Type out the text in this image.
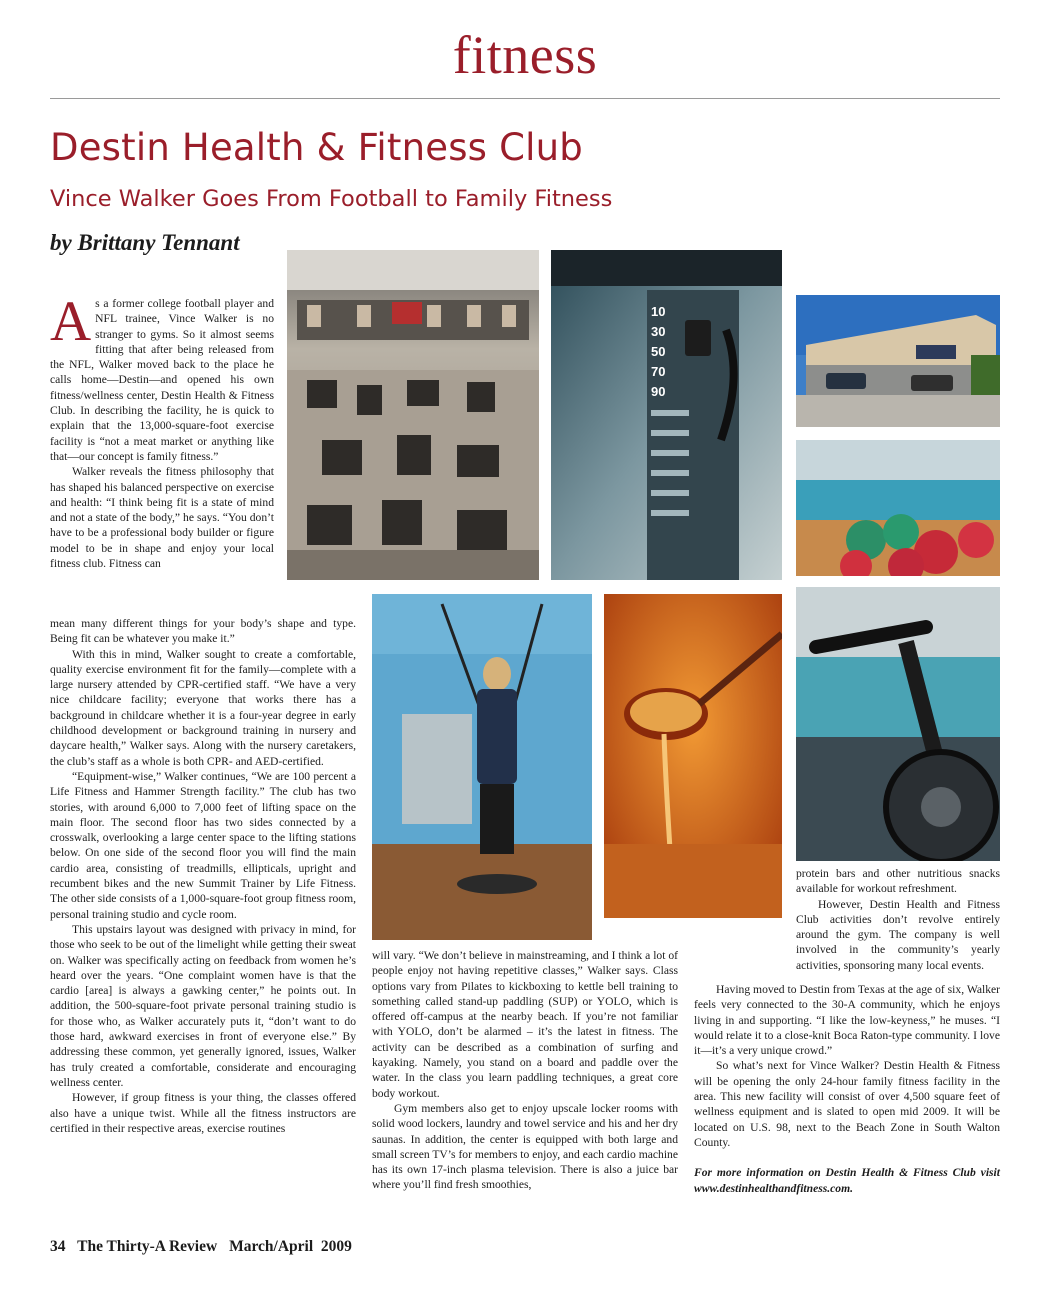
fitness
Destin Health & Fitness Club
Vince Walker Goes From Football to Family Fitness
by Brittany Tennant

As a former college football player and NFL trainee, Vince Walker is no stranger to gyms. So it almost seems fitting that after being released from the NFL, Walker moved back to the place he calls home—Destin—and opened his own fitness/wellness center, Destin Health & Fitness Club. In describing the facility, he is quick to explain that the 13,000-square-foot exercise facility is “not a meat market or anything like that—our concept is family fitness.”

Walker reveals the fitness philosophy that has shaped his balanced perspective on exercise and health: “I think being fit is a state of mind and not a state of the body,” he says. “You don’t have to be a professional body builder or figure model to be in shape and enjoy your local fitness club. Fitness can

mean many different things for your body’s shape and type. Being fit can be whatever you make it.”

With this in mind, Walker sought to create a comfortable, quality exercise environment fit for the family—complete with a large nursery attended by CPR-certified staff. “We have a very nice childcare facility; everyone that works there has a background in childcare whether it is a four-year degree in early childhood development or background training in nursery and daycare health,” Walker says. Along with the nursery caretakers, the club’s staff as a whole is both CPR- and AED-certified.

“Equipment-wise,” Walker continues, “We are 100 percent a Life Fitness and Hammer Strength facility.” The club has two stories, with around 6,000 to 7,000 feet of lifting space on the main floor. The second floor has two sides connected by a crosswalk, overlooking a large center space to the lifting stations below. On one side of the second floor you will find the main cardio area, consisting of treadmills, ellipticals, upright and recumbent bikes and the new Summit Trainer by Life Fitness. The other side consists of a 1,000-square-foot group fitness room, personal training studio and cycle room.

This upstairs layout was designed with privacy in mind, for those who seek to be out of the limelight while getting their sweat on. Walker was specifically acting on feedback from women he’s heard over the years. “One complaint women have is that the cardio [area] is always a gawking center,” he points out. In addition, the 500-square-foot private personal training studio is for those who, as Walker accurately puts it, “don’t want to do those hard, awkward exercises in front of everyone else.” By addressing these common, yet generally ignored, issues, Walker has truly created a comfortable, considerate and encouraging wellness center.

However, if group fitness is your thing, the classes offered also have a unique twist. While all the fitness instructors are certified in their respective areas, exercise routines

will vary. “We don’t believe in mainstreaming, and I think a lot of people enjoy not having repetitive classes,” Walker says. Class options vary from Pilates to kickboxing to kettle bell training to something called stand-up paddling (SUP) or YOLO, which is offered off-campus at the nearby beach. If you’re not familiar with YOLO, don’t be alarmed – it’s the latest in fitness. The activity can be described as a combination of surfing and kayaking. Namely, you stand on a board and paddle over the water. In the class you learn paddling techniques, a great core body workout.

Gym members also get to enjoy upscale locker rooms with solid wood lockers, laundry and towel service and his and her dry saunas. In addition, the center is equipped with both large and small screen TV’s for members to enjoy, and each cardio machine has its own 17-inch plasma television. There is also a juice bar where you’ll find fresh smoothies,

protein bars and other nutritious snacks available for workout refreshment.

However, Destin Health and Fitness Club activities don’t revolve entirely around the gym. The company is well involved in the community’s yearly activities, sponsoring many local events.

Having moved to Destin from Texas at the age of six, Walker feels very connected to the 30-A community, which he enjoys living in and supporting. “I like the low-keyness,” he muses. “I would relate it to a close-knit Boca Raton-type community. I love it—it’s a very unique crowd.”

So what’s next for Vince Walker? Destin Health & Fitness will be opening the only 24-hour family fitness facility in the area. This new facility will consist of over 4,500 square feet of wellness equipment and is slated to open mid 2009. It will be located on U.S. 98, next to the Beach Zone in South Walton County.

For more information on Destin Health & Fitness Club visit www.destinhealthandfitness.com.

10
30
50
70
90
34 The Thirty-A Review March/April  2009
